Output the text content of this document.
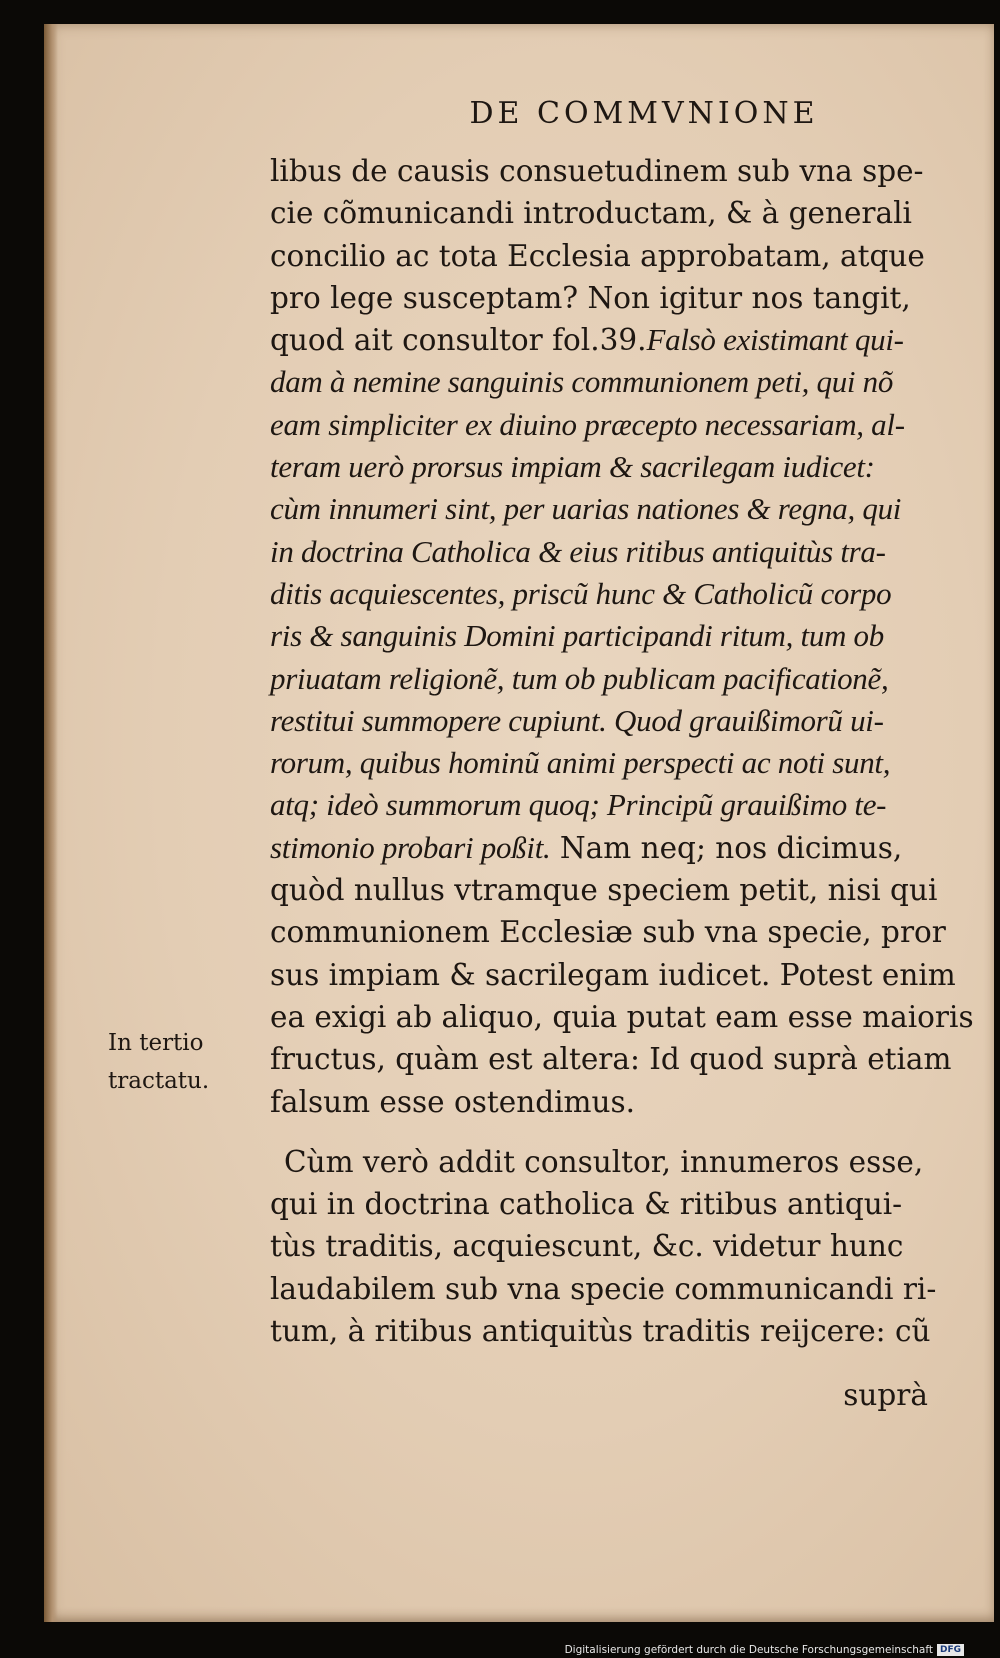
DE COMMVNIONE
libus de causis consuetudinem sub vna spe-
cie cõmunicandi introductam, & à generali
concilio ac tota Ecclesia approbatam, atque
pro lege susceptam? Non igitur nos tangit,
quod ait consultor fol.39.Falsò existimant qui-
dam à nemine sanguinis communionem peti, qui nõ
eam simpliciter ex diuino præcepto necessariam, al-
teram uerò prorsus impiam & sacrilegam iudicet:
cùm innumeri sint, per uarias nationes & regna, qui
in doctrina Catholica & eius ritibus antiquitùs tra-
ditis acquiescentes, priscũ hunc & Catholicũ corpo
ris & sanguinis Domini participandi ritum, tum ob
priuatam religionẽ, tum ob publicam pacificationẽ,
restitui summopere cupiunt. Quod grauißimorũ ui-
rorum, quibus hominũ animi perspecti ac noti sunt,
atq; ideò summorum quoq; Principũ grauißimo te-
stimonio probari poßit. Nam neq; nos dicimus,
quòd nullus vtramque speciem petit, nisi qui
communionem Ecclesiæ sub vna specie, pror
sus impiam & sacrilegam iudicet. Potest enim
ea exigi ab aliquo, quia putat eam esse maioris
fructus, quàm est altera: Id quod suprà etiam
falsum esse ostendimus.
Cùm verò addit consultor, innumeros esse,
qui in doctrina catholica & ritibus antiqui-
tùs traditis, acquiescunt, &c. videtur hunc
laudabilem sub vna specie communicandi ri-
tum, à ritibus antiquitùs traditis reijcere: cũ
In tertio
tractatu.
suprà
Digitalisierung gefördert durch die Deutsche Forschungsgemeinschaft DFG
